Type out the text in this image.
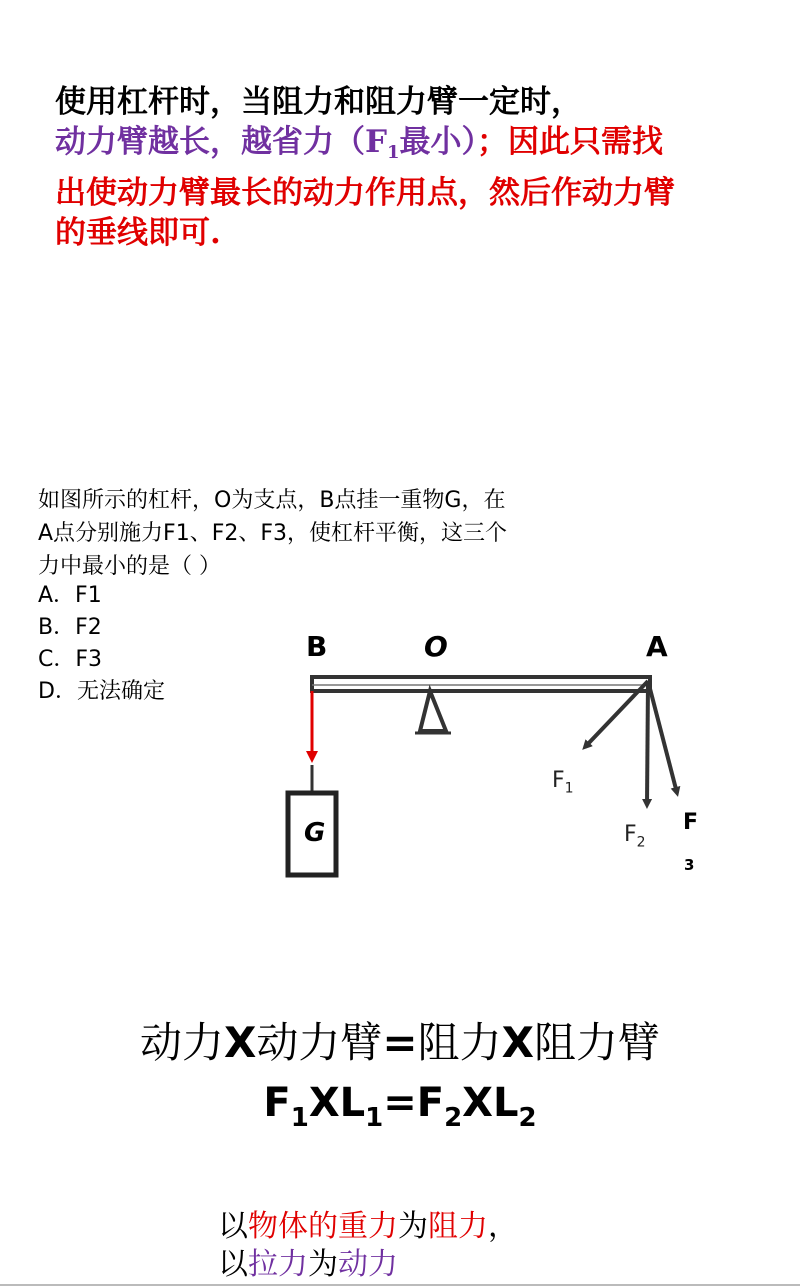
使用杠杆时，当阻力和阻力臂一定时，
动力臂越长，越省力（$F_1$最小）；因此只需找
出使动力臂最长的动力作用点，然后作动力臂
的垂线即可.
如图所示的杠杆，O为支点，B点挂一重物G，在A点分别施力F1、F2、F3，使杠杆平衡，这三个力中最小的是（ ）
A．F1
B．F2
C．F3
D．无法确定
B	O	A
G
$F_1$
$F_2$
F
3
动力X动力臂=阻力X阻力臂
$F_1XL_1=F_2XL_2$
以物体的重力为阻力，
以拉力为动力
